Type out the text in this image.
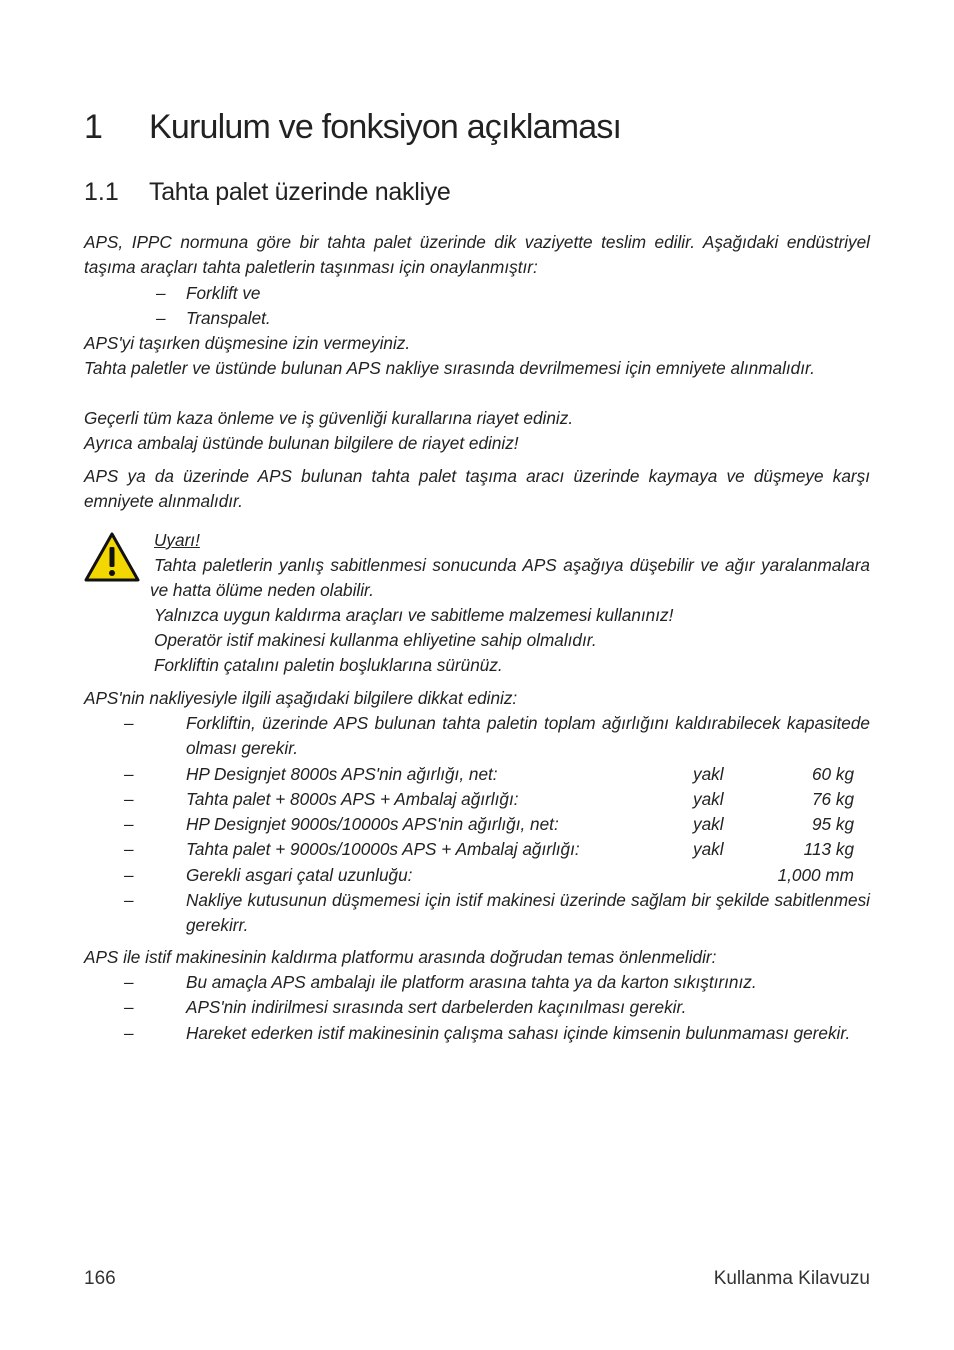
1 Kurulum ve fonksiyon açıklaması
1.1 Tahta palet üzerinde nakliye

APS, IPPC normuna göre bir tahta palet üzerinde dik vaziyette teslim edilir. Aşağıdaki endüstriyel taşıma araçları tahta paletlerin taşınması için onaylanmıştır:

– Forklift ve

– Transpalet.

APS'yi taşırken düşmesine izin vermeyiniz.

Tahta paletler ve üstünde bulunan APS nakliye sırasında devrilmemesi için emniyete alınmalıdır.

Geçerli tüm kaza önleme ve iş güvenliği kurallarına riayet ediniz.

Ayrıca ambalaj üstünde bulunan bilgilere de riayet ediniz!

APS ya da üzerinde APS bulunan tahta palet taşıma aracı üzerinde kaymaya ve düşmeye karşı emniyete alınmalıdır.

Uyarı!

Tahta paletlerin yanlış sabitlenmesi sonucunda APS aşağıya düşebilir ve ağır yaralanmalara ve hatta ölüme neden olabilir.

Yalnızca uygun kaldırma araçları ve sabitleme malzemesi kullanınız!

Operatör istif makinesi kullanma ehliyetine sahip olmalıdır.

Forkliftin çatalını paletin boşluklarına sürünüz.

APS'nin nakliyesiyle ilgili aşağıdaki bilgilere dikkat ediniz:

–	Forkliftin, üzerinde APS bulunan tahta paletin toplam ağırlığını kaldırabilecek kapasitede olması gerekir.

–	HP Designjet 8000s APS'nin ağırlığı, net:	yakl	60 kg
–	Tahta palet + 8000s APS + Ambalaj ağırlığı:	yakl	76 kg
–	HP Designjet 9000s/10000s APS'nin ağırlığı, net:	yakl	95 kg
–	Tahta palet + 9000s/10000s APS + Ambalaj ağırlığı:	yakl	113 kg
–	Gerekli asgari çatal uzunluğu:	1,000 mm
–	Nakliye kutusunun düşmemesi için istif makinesi üzerinde sağlam bir şekilde sabitlenmesi gerekirr.

APS ile istif makinesinin kaldırma platformu arasında doğrudan temas önlenmelidir:

–	Bu amaçla APS ambalajı ile platform arasına tahta ya da karton sıkıştırınız.

–	APS'nin indirilmesi sırasında sert darbelerden kaçınılması gerekir.

–	Hareket ederken istif makinesinin çalışma sahası içinde kimsenin bulunmaması gerekir.

166	Kullanma Kilavuzu
